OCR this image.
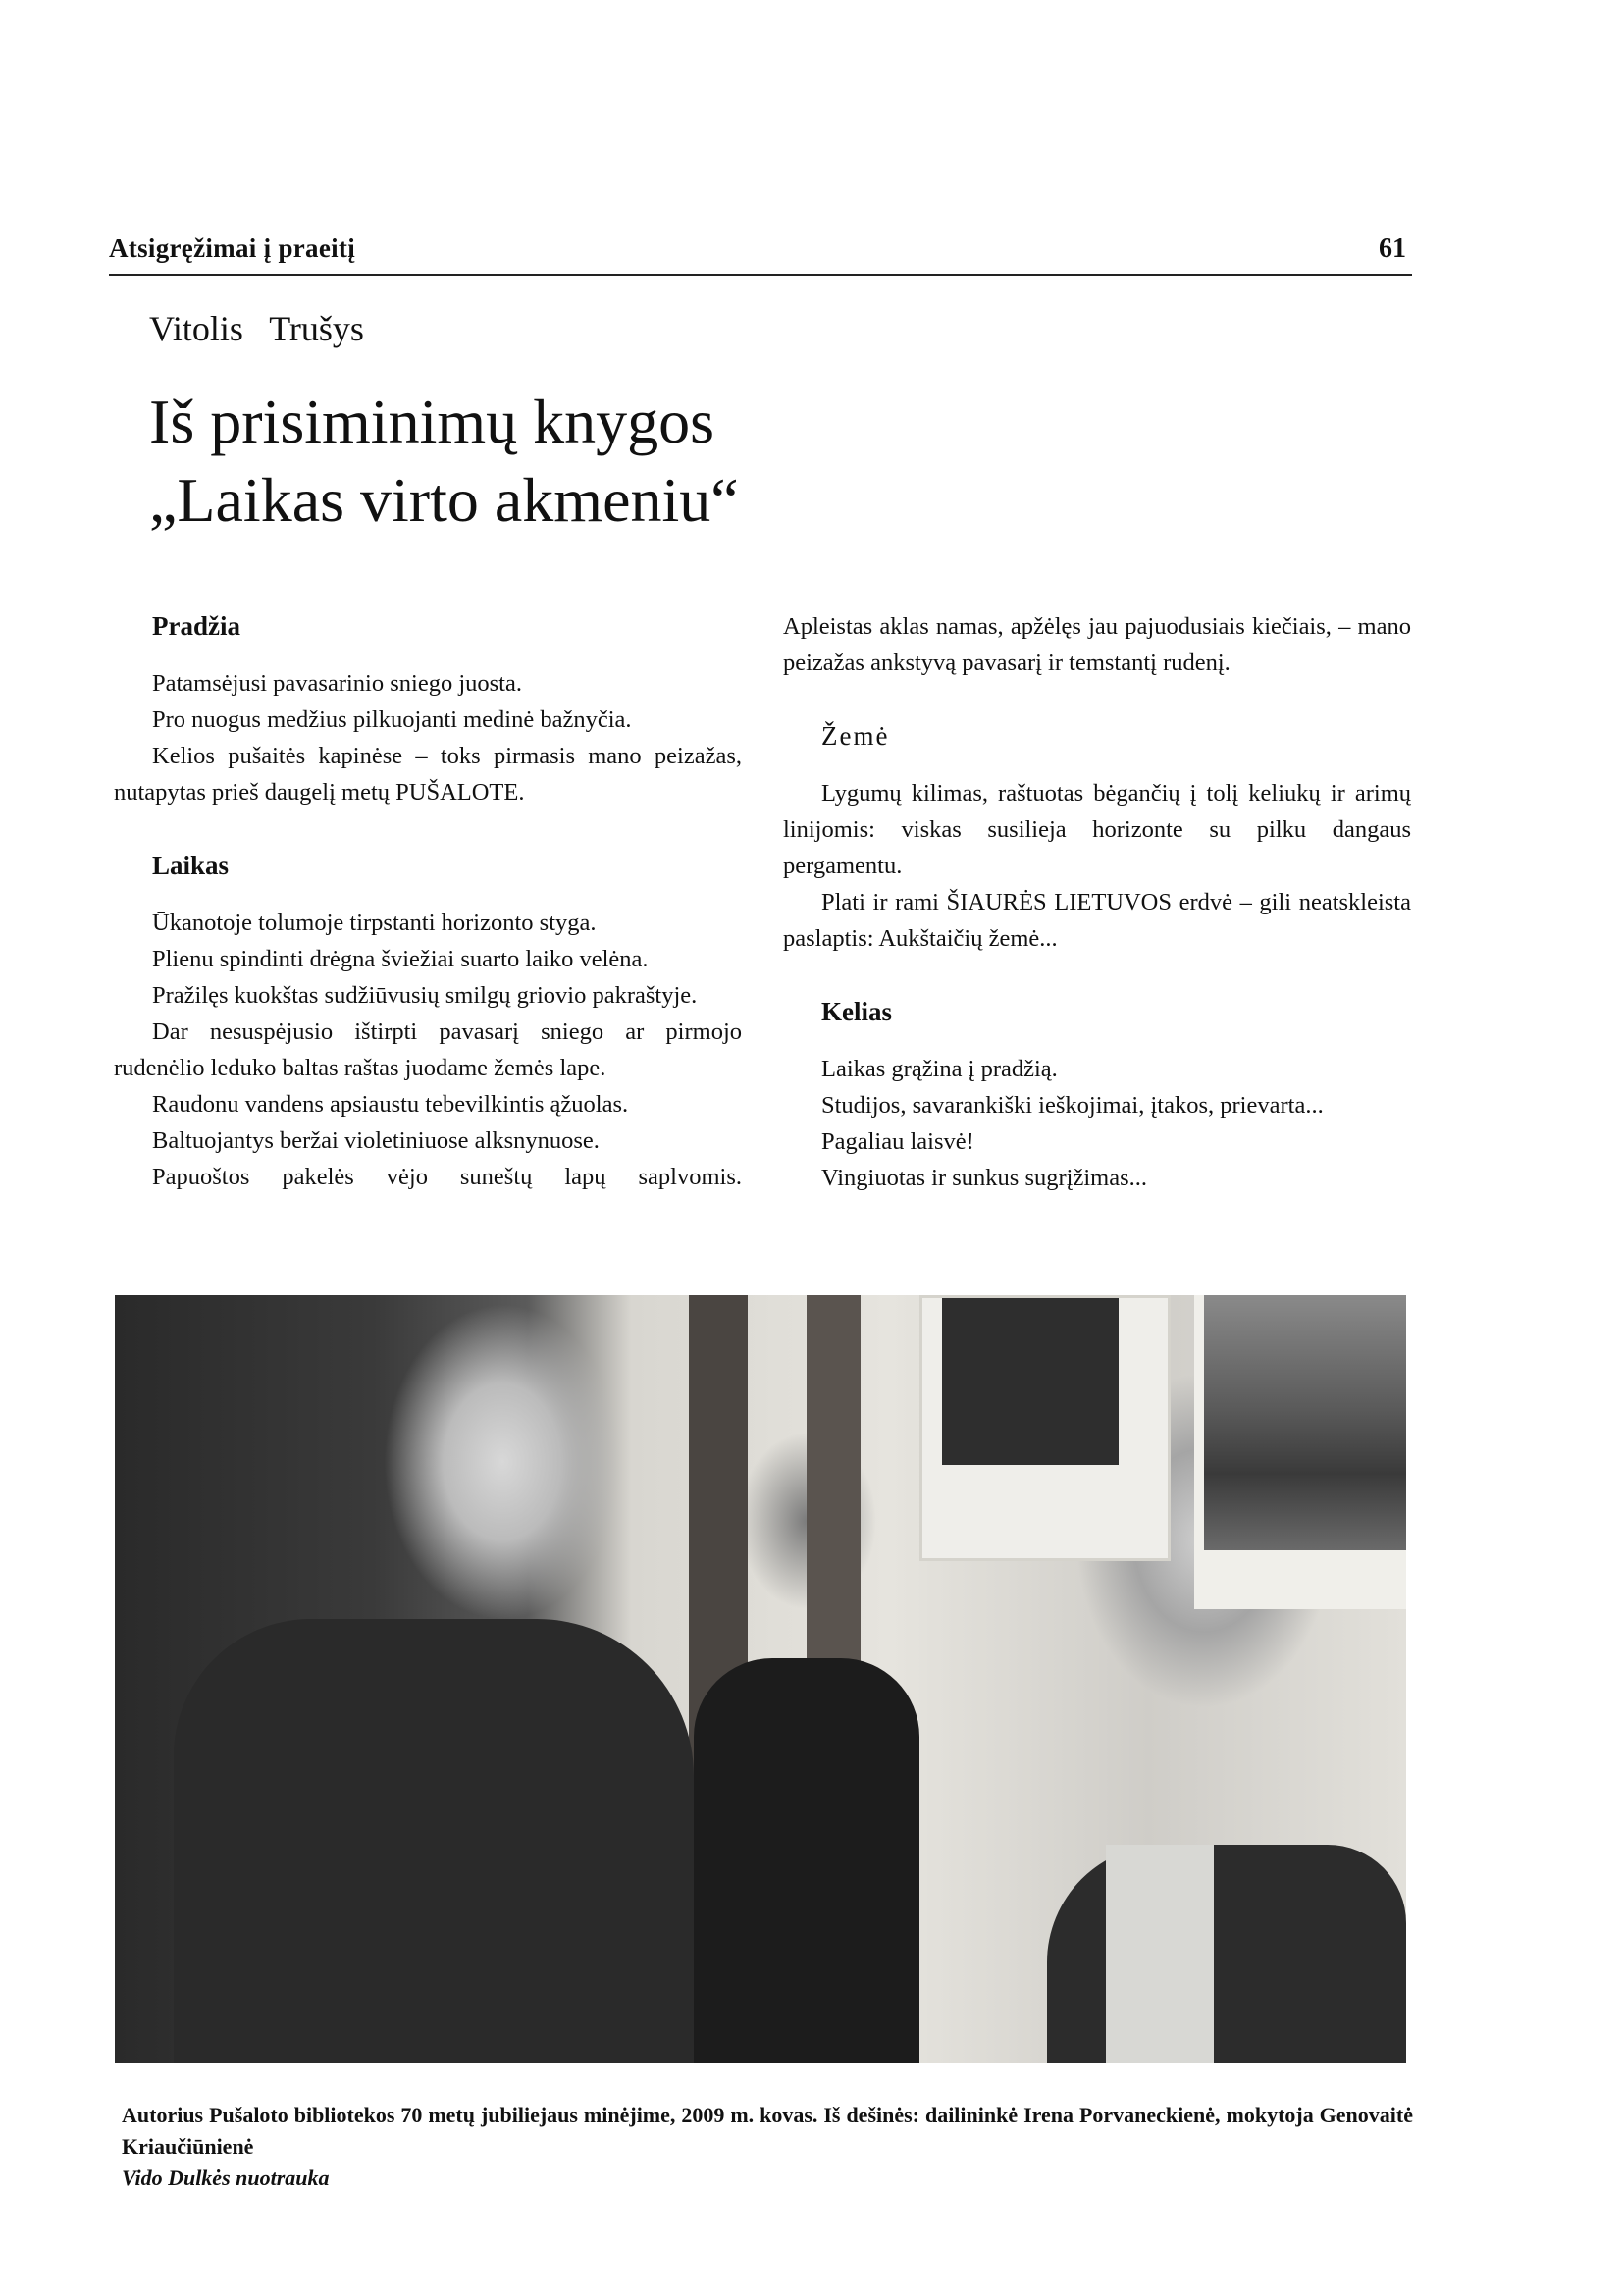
Atsigręžimai į praeitį	61
Vitolis Trušys
Iš prisiminimų knygos
„Laikas virto akmeniu“
Pradžia

Patamsėjusi pavasarinio sniego juosta.

Pro nuogus medžius pilkuojanti medinė bažnyčia.

Kelios pušaitės kapinėse – toks pirmasis mano peizažas, nutapytas prieš daugelį metų PUŠALOTE.

Laikas

Ūkanotoje tolumoje tirpstanti horizonto styga.

Plienu spindinti drėgna šviežiai suarto laiko velėna.

Pražilęs kuokštas sudžiūvusių smilgų griovio pakraštyje.

Dar nesuspėjusio ištirpti pavasarį sniego ar pirmojo rudenėlio leduko baltas raštas juodame žemės lape.

Raudonu vandens apsiaustu tebevilkintis ąžuolas.

Baltuojantys beržai violetiniuose alksnynuose.

Papuoštos pakelės vėjo suneštų lapų saplvomis.

Apleistas aklas namas, apžėlęs jau pajuodusiais kiečiais, – mano peizažas ankstyvą pavasarį ir temstantį rudenį.

Žemė

Lygumų kilimas, raštuotas bėgančių į tolį keliukų ir arimų linijomis: viskas susilieja horizonte su pilku dangaus pergamentu.

Plati ir rami ŠIAURĖS LIETUVOS erdvė – gili neatskleista paslaptis: Aukštaičių žemė...

Kelias

Laikas grąžina į pradžią.

Studijos, savarankiški ieškojimai, įtakos, prievarta...

Pagaliau laisvė!

Vingiuotas ir sunkus sugrįžimas...

Autorius Pušaloto bibliotekos 70 metų jubiliejaus minėjime, 2009 m. kovas. Iš dešinės: dailininkė Irena Porvaneckienė, mokytoja Genovaitė Kriaučiūnienė
Vido Dulkės nuotrauka
